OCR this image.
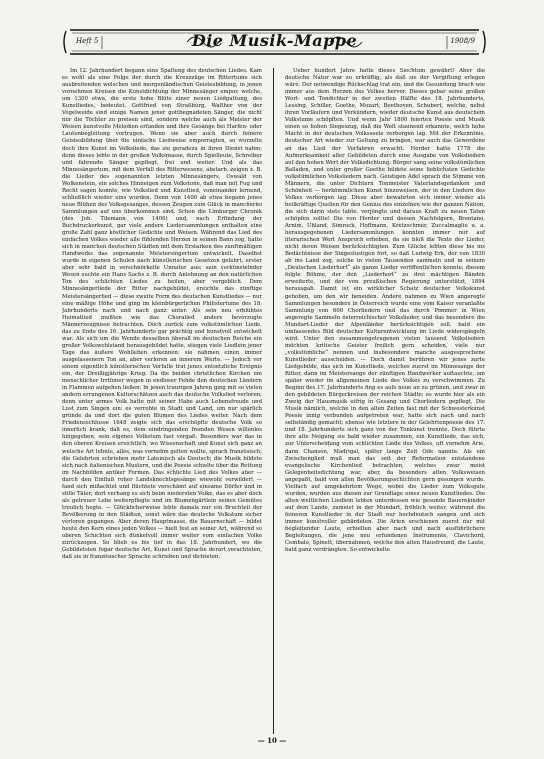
Heft 5	Die Musik-Mappe	1908/9

Im 12. Jahrhundert begann eine Spaltung des deutschen Liedes. Kam es wohl als eine Folge der durch die Kreuzzüge im Rittertume sich ausbreitenden welschen und morgenländischen Geistesbildung, in jenen vornehmen Kreisen die Kunstdichtung der Minnesänger empor, welche, um 1300 etwa, die erste hohe Blüte einer neuen Liedgattung, des Kunstliedes, bedeutet. Gottfried von Straßburg, Walther von der Vogelweide sind einige Namen jener gottbegnadeten Sänger, die nicht nur die Töchter zu preisen sind, sondern welche auch als Meister der Weisen kunstvolle Melodien erfanden und ihre Gesänge bei Harfen- oder Lautenbegleitung vortrugen. Wenn sie aber auch durch feinere Geistesbildung über die einfache Liedweise emporragten, so wurzelte doch ihre Kunst im Volksliede, das sie geradezu in ihren Dienst nahm; denn dieses lebte in der großen Volksmasse, durch Spielleute, Schreiber und fahrende Sänger gepflegt, frei und weiter. Und als das Minnesängertum, mit dem Verfall des Ritterwesens, abstarb, zeigen z. B. die Lieder des sogenannten letzten Minnesängers, Oswald von Wolkenstein, ein solches Hinneigen zum Volkstone, daß man mit Fug und Recht sagen konnte, wie Volkslied und Kunstlied, voneinander lernend, schließlich wieder eins wurden. Denn von 1400 ab etwa begann jenes neue Blühen des Volksgesanges, dessen Zeugen zum Glück in mancherlei Sammlungen auf uns überkommen sind. Schon die Limburger Chronik (des Joh. Tilemann von 1400) und, nach Erfindung der Buchdruckerkunst, gar viele andere Liedersammlungen enthalten eine große Zahl ganz köstlicher Gedichte und Weisen. Während das Lied des einfachen Volkes wieder alle fühlenden Herzen in seinen Bann zog, hatte sich in manchen deutschen Städten mit dem Erstarken des zunftmäßigen Handwerks das sogenannte Meistersingertum entwickelt. Daselbst wurde in eigenen Schulen nach künstlerischen Gesetzen gelehrt, erster aber sehr bald in verschnörkelte Unnatur aus; sein verkünstelnder Wesen suchte ein Hans Sachs z. B. durch Anlehnung an den natürlichen Ton des schlichten Liedes zu heilen, aber vergeblich. Dem Minnesängerliede der Ritter nachgebildet, ereichte das zünftige Meistersängerlied — diese zweite Form des deutschen Kunstliedes — nur eine mäßige Höhe und ging im kleinbürgerlichen Philistertume des 18. Jahrhunderts nach und nach ganz unter. Als sein neu erblühtes Heimatlied mußten wie das Choralied andere bevorzugte Männerzeugnisse betrachten. Doch zurück zum volkstümlichen Liede, das zu Ende des 16. Jahrhunderts gar prächtig und kunstvoll entwickelt war. Als sich um die Wende desselben überall im deutschen Reiche ein großer Volkswohlstand herausgebildet hatte, stiegen viele Liedlein jener Tage das äußere Wohlleben erkennen: sie nahmen einen immer ausgelassenern Ton an, aber verloren an innerem Werte. — Jedoch vor einem eigentlich künstlerischen Verfalle trat jenes entsetzliche Ereignis ein, der Dreißigjährige Krieg. Da die beiden christlichen Kirchen um menschlicher Irrtümer wegen in endloser Fehde den deutschen Ländern in Flammen aufgehen ließen: In jenen traurigen Jahren ging mit so vielen andern errungenen Kulturschätzen auch das deutsche Volkslied verloren; denn unter armes Volk hatte mit seiner Habe auch Lebensfreude und Lust zum Singen ein: es verrohte in Stadt und Land, um nur spärlich gründe da und dort die guten Blumen des Liedes weiter. Nach dem Friedensschlusse 1648 zeigte sich das erschöpfte deutsche Volk so innerlich krank, daß es, dem eindringenden fremden Wesen willenlos hingegeben, sein eigenes Volkstum fast vergaß. Besonders war das in den oberen Kreisen ersichtlich, wo Wissenschaft und Kunst sich ganz an welsche Art lehnte, alles, was vornehm gelten wollte, sprach französisch; die Gelehrten schrieben mehr Lateinisch als Deutsch; die Musik bildete sich nach italienischen Mustern, und die Poesie schielte über die Rettung im Nachbilden antiker Formen. Das schlichte Lied des Volkes aber — durch den Einfluß roher Landsknechtsgesänge wiewohl verwildert — fand sich mißachtet und flüchtete verschämt auf einsame Dörfer und in stille Täler; dort verhang es sich beim niedersten Volke, das es aber doch als getreuer Lebe weiterpflegte und im Blumengärtlein seines Gemütes treulich hegte. — Glücklicherweise lebte damals nur ein Bruchteil der Bevölkerung in den Städten, sonst wäre das deutsche Volkstum sicher verloren gegangen. Aber deren Hauptmasse, die Bauernschaft — bildet heute den Kern eines jeden Volkes — hielt fest an seiner Art, während so oberen Schichten sich dünkelvoll immer weiter vom einfachen Volke zurückzogen. So blieb es bis tief in das 18. Jahrhundert, wo die Gebildetsten fogar deutsche Art, Kunst und Sprache derart verachteten, daß sie in französischer Sprache schrieben und dichteten.

Ueber hundert Jahre hatte dieses Siechtum gewährt! Aber die deutsche Natur war zu urkräftig, als daß sie der Vergiftung erlegen wäre. Der notwendige Rückschlag trat ein, und die Gesundung brach wie immer aus dem Herzen des Volkes hervor. Dieses gebar seine großen Wort- und Tondichter in der zweiten Hälfte des 18. Jahrhunderts, Lessing, Schiller, Goethe, Mozart, Beethoven, Schubert, welche, nebst ihren Vorläufern und Verkündern, wieder deutsche Kunst aus deutschem Volkstume schöpften. Und wenn Jahr 1800 feierten Poesie und Musik einen so hohen Siegeszug, daß die Welt staunend erkannte, welch hohe Macht in der deutschen Volksseele verborgen lag. Mit der Erkenntnis, deutscher Art wieder zur Geltung zu bringen, war auch das Gewordene an das Lied der Vorfahren erwacht. Herder hatte 1778 die Aufmerksamkeit aller Gebildeten durch eine Ausgabe von Volksliedern auf den hohen Wert der Volksdichtung; Bürger sang seine volkstümlichen Balladen, und unter großer Goethe bildete seine lieblichsten Gedichte volkstümlichen Volksliedern nach. Geistigen Adel sprach die Stimme von Männern, die unter Dichtern Tonmeister Vaterlandsgedanken und Schönheit — herkömmlichen Kunst hinzuweisen, der in den Liedern des Volkes verborgen lag. Diese aber bewahrten sich immer wieder als heilkräftige Quellen für den Genius des einzelnen wie der ganzen Nation, die sich darin stets labte, verjüngte und daraus Kraft zu neuen Taten schöpfen sollte! Die von Herder und dessen Nachfolgern, Brentano, Arnim, Uhland, Simrock, Hoffmann, Kretzschmer, Zuccalmaglio u. a. herausgegebenen Liedersammlungen konnten immer nur auf literarischen Wert Anspruch erheben, da sie bloß die Texte der Lieder, nicht deren Weisen berücksichtigten. Zum Glücke lebten diese bis ins Bedächtnisse der Singeslustigen fort, so daß Ludwig Erk, der von 1830 ab ins Land zog, solche in vielen Tausenden sammeln und in seinem „Deutschen Liederhort“ als ganze Lieder veröffentlichen konnte; diesem folgte Böhme, der den „Liederhort“ zu drei mächtigen Bänden erweiterte, und der von preußischen Regierung unterstützt, 1894 herausgab. Damit ist ein wirklicher Schatz deutscher Volkskunst gehoben, um den wir beneiden. Andere nahmen zu Wien angeregte Sammlungen besonders in Österreich wurde eine vom Kaiser veranlaßte Sammlung von 600 Chorliedern und das durch Pommer in Wien angeregte Sammeln österreichischer Volkslieder, und das besondere die Mundart-Lieder der Alpenländer berücksichtigen soll, bald ein umfassendes Bild deutscher Kulturentwicklung im Liede widerspiegeln wird. Unter den zusammengetragenen vielen tausend Volksliedern möchten kritische Geister freilich gern scheiden, viele nur „volkstümliche“ nennen und insbesondere manche ausgesprochene Kunstlieder ausscheiden. — Doch damit berühren wir jenes zarte Liedgebilde, das sich im Kunstliede, welches zuerst im Minnesange der Ritter, dann im Meistersange der zünftigen Handwerker auftauchte, um später wieder im allgemeinen Liede des Volkes zu verschwimmen. Zu Beginn des 17. Jahrhunderts fing es aufs neue an zu grünen, und zwar in den gebildeten Bürgerkreisen der reichen Städte; es wurde hier als ein Zweig der Hausmusik eifrig in Gesang und Chorliedern gepflegt. Die Musik nämlich, welche in den alten Zeiten fast mit der Schwesterkunst Poesie innig verbunden aufgetreten war, hatte sich nach und nach selbständig gemacht; ebenso wie letztere in der Gelehrtenpoesie des 17. und 18. Jahrhunderts sich ganz von der Tonkunst trennte. Doch führte ihre alte Neigung sie bald wieder zusammen, ein Kunstliede, das sich, zur Unterscheidung vom schlichten Liede des Volkes, oft vornehm Arie, dann Chanson, Madrigal, später lange Zeit Ode nannte. Als ein Zwischenglied muß man das seit der Reformation entstandene evangelische Kirchenlied betrachten, welches zwar meist Gelegenheitsdichtung war, aber, da besonders alten Volksweisen angepaßt, bald von allen Bevölkerungsschichten gern gesungen wurde. Vielfach auf umgekehrtem Wege, wobei die Lieder zum Volksgute wurden, wurden aus diesen zur Grundlage eines neuen Kunstliedes. Die alten weltlichen Liedlein lebten unterdessen wie gesunde Bauernkinder auf dem Lande, zumeist in der Mundart, fröhlich weiter, während die feineren Kunstlieder in der Stadt nur hochdeutsch sangen und sich immer kunstvoller gebärdeten. Die Arien erschienen zuerst nur mit begleitender Laute, erhielten aber nach und nach ausführlichere Begleitungen, die jene neu erfundenen Instrumente, Clavichord, Cembalo, Spinett, übernahmen, welche den alten Hausfreund, die Laute, bald ganz verdrängten. So entwickelte

— 10 —
